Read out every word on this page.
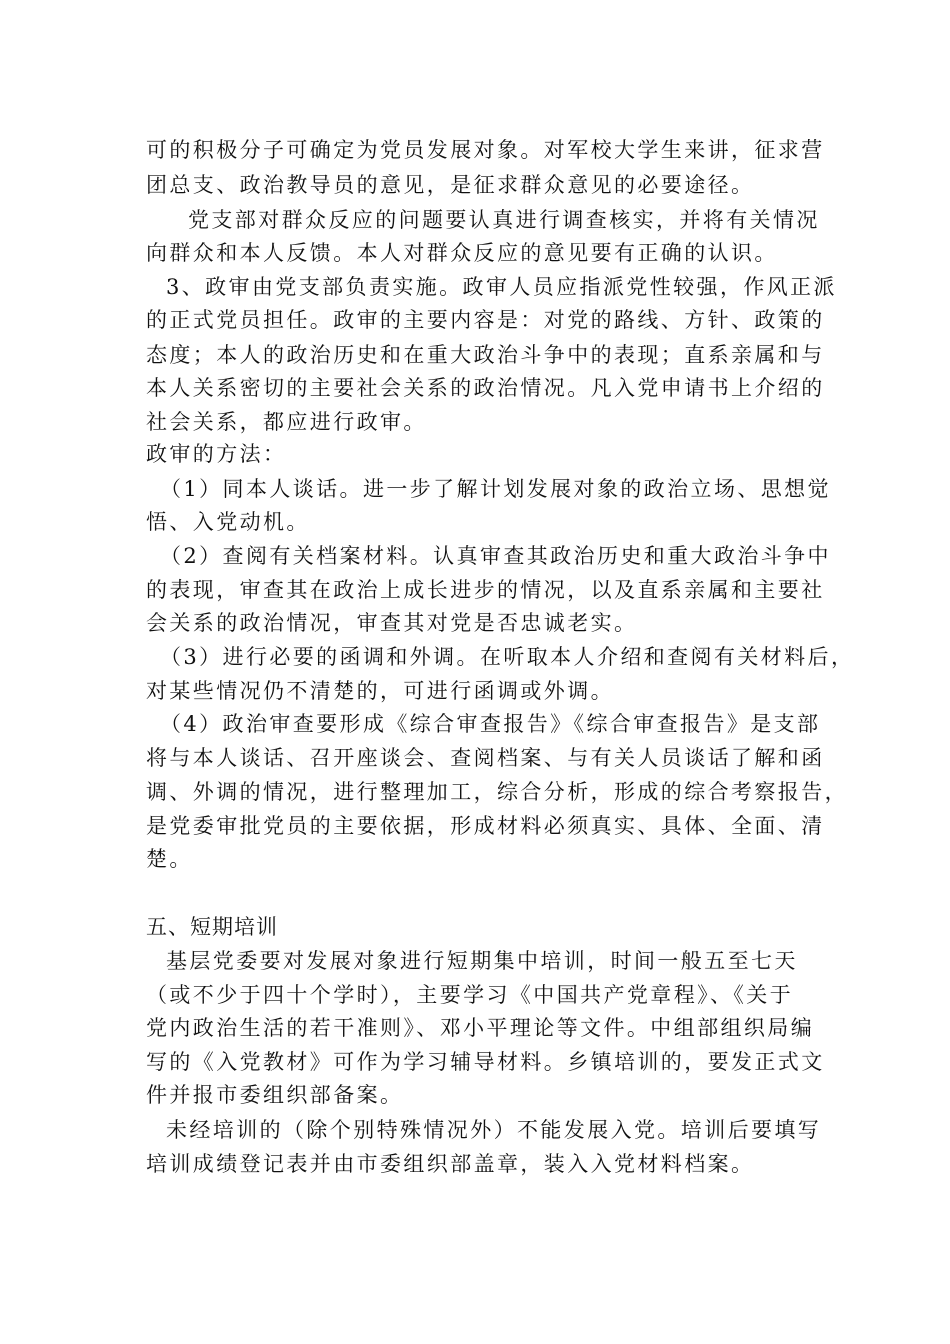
可的积极分子可确定为党员发展对象。对军校大学生来讲，征求营
团总支、政治教导员的意见，是征求群众意见的必要途径。
党支部对群众反应的问题要认真进行调查核实，并将有关情况
向群众和本人反馈。本人对群众反应的意见要有正确的认识。
3、政审由党支部负责实施。政审人员应指派党性较强，作风正派
的正式党员担任。政审的主要内容是：对党的路线、方针、政策的
态度；本人的政治历史和在重大政治斗争中的表现；直系亲属和与
本人关系密切的主要社会关系的政治情况。凡入党申请书上介绍的
社会关系，都应进行政审。
政审的方法：
（1）同本人谈话。进一步了解计划发展对象的政治立场、思想觉
悟、入党动机。
（2）查阅有关档案材料。认真审查其政治历史和重大政治斗争中
的表现，审查其在政治上成长进步的情况，以及直系亲属和主要社
会关系的政治情况，审查其对党是否忠诚老实。
（3）进行必要的函调和外调。在听取本人介绍和查阅有关材料后，
对某些情况仍不清楚的，可进行函调或外调。
（4）政治审查要形成《综合审查报告》《综合审查报告》是支部
将与本人谈话、召开座谈会、查阅档案、与有关人员谈话了解和函
调、外调的情况，进行整理加工，综合分析，形成的综合考察报告，
是党委审批党员的主要依据，形成材料必须真实、具体、全面、清
楚。
五、短期培训
基层党委要对发展对象进行短期集中培训，时间一般五至七天
（或不少于四十个学时），主要学习《中国共产党章程》、《关于
党内政治生活的若干准则》、邓小平理论等文件。中组部组织局编
写的《入党教材》可作为学习辅导材料。乡镇培训的，要发正式文
件并报市委组织部备案。
未经培训的（除个别特殊情况外）不能发展入党。培训后要填写
培训成绩登记表并由市委组织部盖章，装入入党材料档案。
